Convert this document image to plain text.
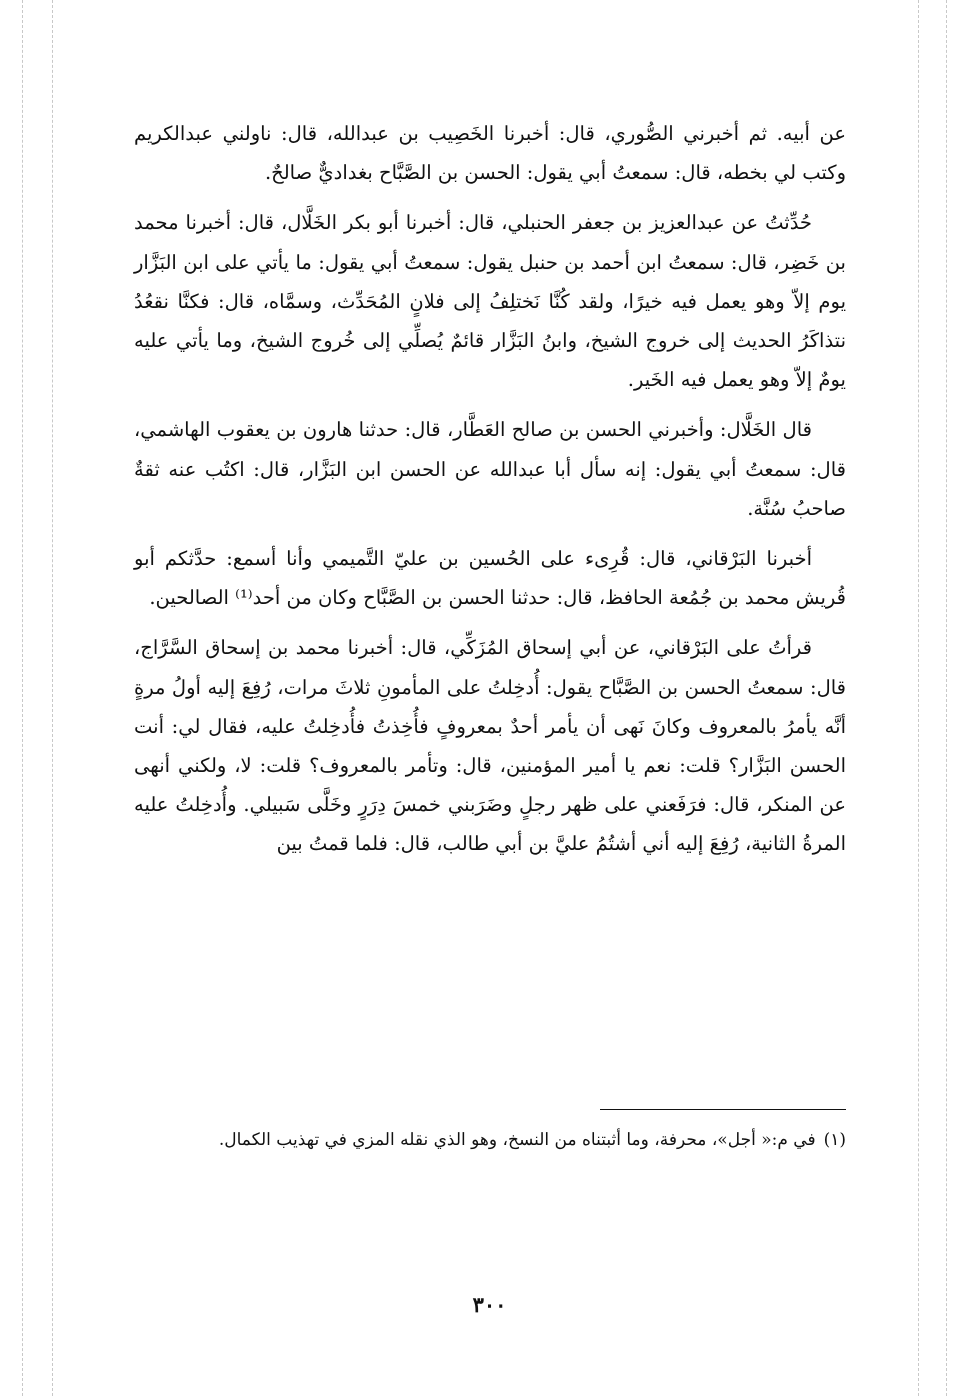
عن أبيه. ثم أخبرني الصُّوري، قال: أخبرنا الخَصِيب بن عبدالله، قال: ناولني عبدالكريم وكتب لي بخطه، قال: سمعتُ أبي يقول: الحسن بن الصَّبَّاح بغداديٌّ صالحٌ.

حُدِّثتُ عن عبدالعزيز بن جعفر الحنبلي، قال: أخبرنا أبو بكر الخَلَّال، قال: أخبرنا محمد بن خَضِر، قال: سمعتُ ابن أحمد بن حنبل يقول: سمعتُ أبي يقول: ما يأتي على ابن البَزَّار يوم إلاّ وهو يعمل فيه خيرًا، ولقد كُنَّا نَختلِفُ إلى فلانٍ المُحَدِّث، وسمَّاه، قال: فكنَّا نقعُدُ نتذاكَرُ الحديث إلى خروج الشيخ، وابنُ البَزَّار قائمٌ يُصلِّي إلى خُروج الشيخ، وما يأتي عليه يومٌ إلاّ وهو يعمل فيه الخَير.

قال الخَلَّال: وأخبرني الحسن بن صالح العَطَّار، قال: حدثنا هارون بن يعقوب الهاشمي، قال: سمعتُ أبي يقول: إنه سأل أبا عبدالله عن الحسن ابن البَزَّار، قال: اكتُب عنه ثقةٌ صاحبُ سُنَّة.

أخبرنا البَرْقاني، قال: قُرِىء على الحُسين بن عليّ التَّميمي وأنا أسمع: حدَّثكم أبو قُريش محمد بن جُمُعة الحافظ، قال: حدثنا الحسن بن الصَّبَّاح وكان من أحد⁽¹⁾ الصالحين.

قرأتُ على البَرْقاني، عن أبي إسحاق المُزَكِّي، قال: أخبرنا محمد بن إسحاق السَّرَّاج، قال: سمعتُ الحسن بن الصَّبَّاح يقول: أُدخِلتُ على المأمونِ ثلاثَ مرات، رُفِعَ إليه أولُ مرةٍ أنَّه يأمرُ بالمعروف وكانَ نَهى أن يأمر أحدٌ بمعروفٍ فأُخِذتُ فأُدخِلتُ عليه، فقال لي: أنت الحسن البَزَّار؟ قلت: نعم يا أمير المؤمنين، قال: وتأمر بالمعروف؟ قلت: لا، ولكني أنهى عن المنكر، قال: فرَفَعني على ظهر رجلٍ وضَرَبني خمسَ دِرَرٍ وخَلَّى سَبيلي. وأُدخِلتُ عليه المرةُ الثانية، رُفِعَ إليه أني أشتُمُ عليَّ بن أبي طالب، قال: فلما قمتُ بين

(١)في م:« أجل»، محرفة، وما أثبتناه من النسخ، وهو الذي نقله المزي في تهذيب الكمال.
٣٠٠
